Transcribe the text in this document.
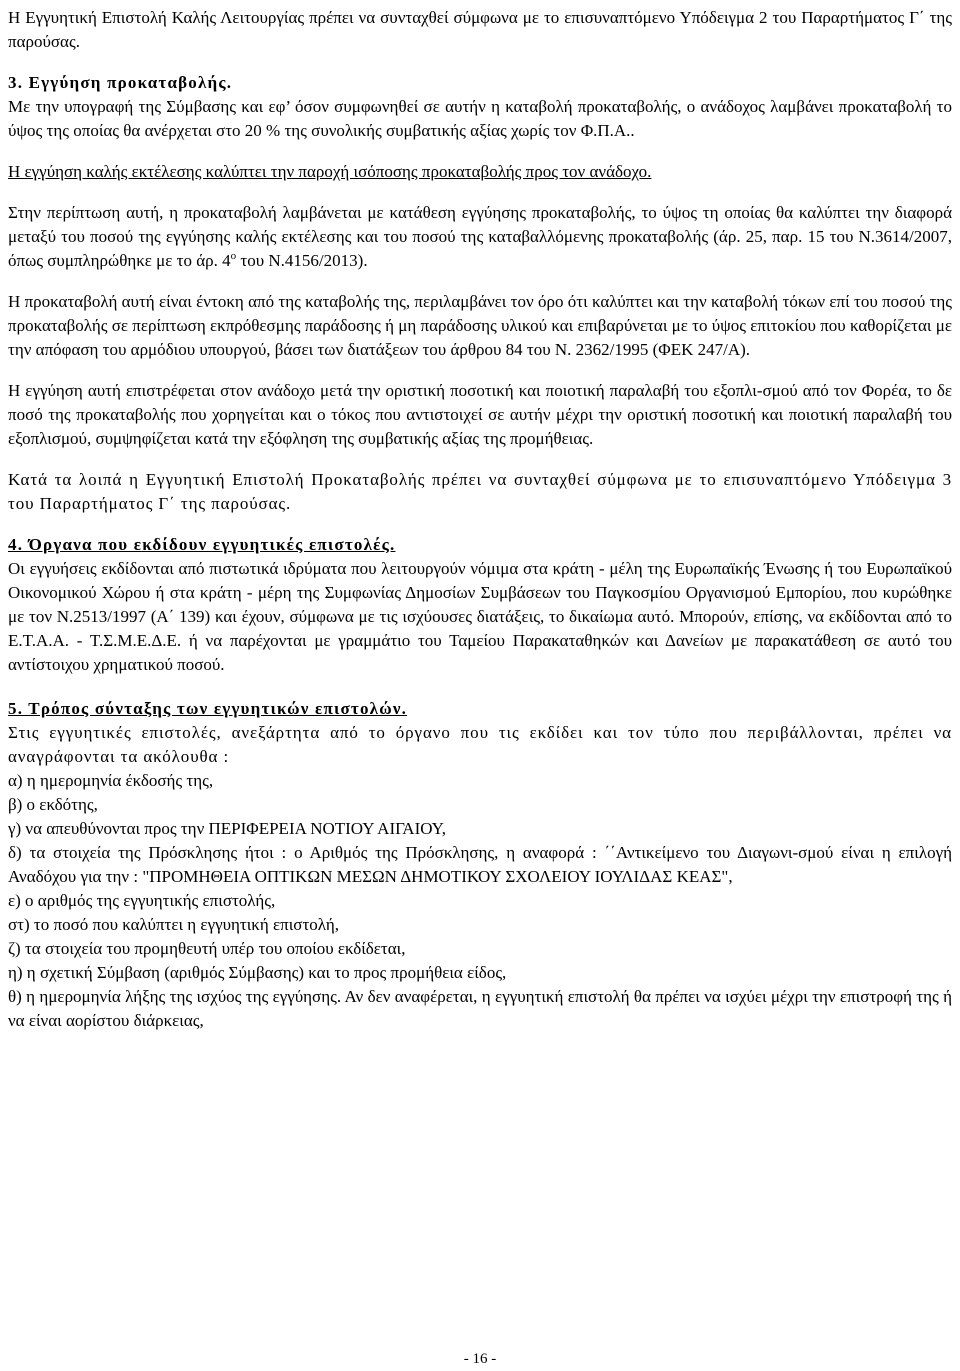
Η Εγγυητική Επιστολή Καλής Λειτουργίας πρέπει να συνταχθεί σύμφωνα με το επισυναπτόμενο Υπόδειγμα 2 του Παραρτήματος Γ΄ της παρούσας.

3. Εγγύηση προκαταβολής.

Με την υπογραφή της Σύμβασης και εφ’ όσον συμφωνηθεί σε αυτήν η καταβολή προκαταβολής, ο ανάδοχος λαμβάνει προκαταβολή το ύψος της οποίας θα ανέρχεται στο 20 % της συνολικής συμβατικής αξίας χωρίς τον Φ.Π.Α..

Η εγγύηση καλής εκτέλεσης καλύπτει την παροχή ισόποσης προκαταβολής προς τον ανάδοχο.

Στην περίπτωση αυτή, η προκαταβολή λαμβάνεται με κατάθεση εγγύησης προκαταβολής, το ύψος τη οποίας θα καλύπτει την διαφορά μεταξύ του ποσού της εγγύησης καλής εκτέλεσης και του ποσού της καταβαλλόμενης προκαταβολής (άρ. 25, παρ. 15 του Ν.3614/2007, όπως συμπληρώθηκε με το άρ. $4^o$ του Ν.4156/2013).

Η προκαταβολή αυτή είναι έντοκη από της καταβολής της, περιλαμβάνει τον όρο ότι καλύπτει και την καταβολή τόκων επί του ποσού της προκαταβολής σε περίπτωση εκπρόθεσμης παράδοσης ή μη παράδοσης υλικού και επιβαρύνεται με το ύψος επιτοκίου που καθορίζεται με την απόφαση του αρμόδιου υπουργού, βάσει των διατάξεων του άρθρου 84 του Ν. 2362/1995 (ΦΕΚ 247/Α).

Η εγγύηση αυτή επιστρέφεται στον ανάδοχο μετά την οριστική ποσοτική και ποιοτική παραλαβή του εξοπλι-σμού από τον Φορέα, το δε ποσό της προκαταβολής που χορηγείται και ο τόκος που αντιστοιχεί σε αυτήν μέχρι την οριστική ποσοτική και ποιοτική παραλαβή του εξοπλισμού, συμψηφίζεται κατά την εξόφληση της συμβατικής αξίας της προμήθειας.

Κατά τα λοιπά η Εγγυητική Επιστολή Προκαταβολής πρέπει να συνταχθεί σύμφωνα με το επισυναπτόμενο Υπόδειγμα 3 του Παραρτήματος Γ΄ της παρούσας.

4. Όργανα που εκδίδουν εγγυητικές επιστολές.

Οι εγγυήσεις εκδίδονται από πιστωτικά ιδρύματα που λειτουργούν νόμιμα στα κράτη - μέλη της Ευρωπαϊκής Ένωσης ή του Ευρωπαϊκού Οικονομικού Χώρου ή στα κράτη - μέρη της Συμφωνίας Δημοσίων Συμβάσεων του Παγκοσμίου Οργανισμού Εμπορίου, που κυρώθηκε με τον Ν.2513/1997 (Α΄ 139) και έχουν, σύμφωνα με τις ισχύουσες διατάξεις, το δικαίωμα αυτό. Μπορούν, επίσης, να εκδίδονται από το Ε.Τ.Α.Α. - Τ.Σ.Μ.Ε.Δ.Ε. ή να παρέχονται με γραμμάτιο του Ταμείου Παρακαταθηκών και Δανείων με παρακατάθεση σε αυτό του αντίστοιχου χρηματικού ποσού.

5. Τρόπος σύνταξης των εγγυητικών επιστολών.

Στις εγγυητικές επιστολές, ανεξάρτητα από το όργανο που τις εκδίδει και τον τύπο που περιβάλλονται, πρέπει να αναγράφονται τα ακόλουθα :

α) η ημερομηνία έκδοσής της,

β) ο εκδότης,

γ) να απευθύνονται προς την ΠΕΡΙΦΕΡΕΙΑ ΝΟΤΙΟΥ ΑΙΓΑΙΟΥ,

δ) τα στοιχεία της Πρόσκλησης ήτοι : ο Αριθμός της Πρόσκλησης, η αναφορά : ΄΄Αντικείμενο του Διαγωνι-σμού είναι η επιλογή Αναδόχου για την : "ΠΡΟΜΗΘΕΙΑ ΟΠΤΙΚΩΝ ΜΕΣΩΝ ΔΗΜΟΤΙΚΟΥ ΣΧΟΛΕΙΟΥ ΙΟΥΛΙΔΑΣ ΚΕΑΣ",

ε) ο αριθμός της εγγυητικής επιστολής,

στ) το ποσό που καλύπτει η εγγυητική επιστολή,

ζ) τα στοιχεία του προμηθευτή υπέρ του οποίου εκδίδεται,

η) η σχετική Σύμβαση (αριθμός Σύμβασης) και το προς προμήθεια είδος,

θ) η ημερομηνία λήξης της ισχύος της εγγύησης. Αν δεν αναφέρεται, η εγγυητική επιστολή θα πρέπει να ισχύει μέχρι την επιστροφή της ή να είναι αορίστου διάρκειας,

- 16 -
